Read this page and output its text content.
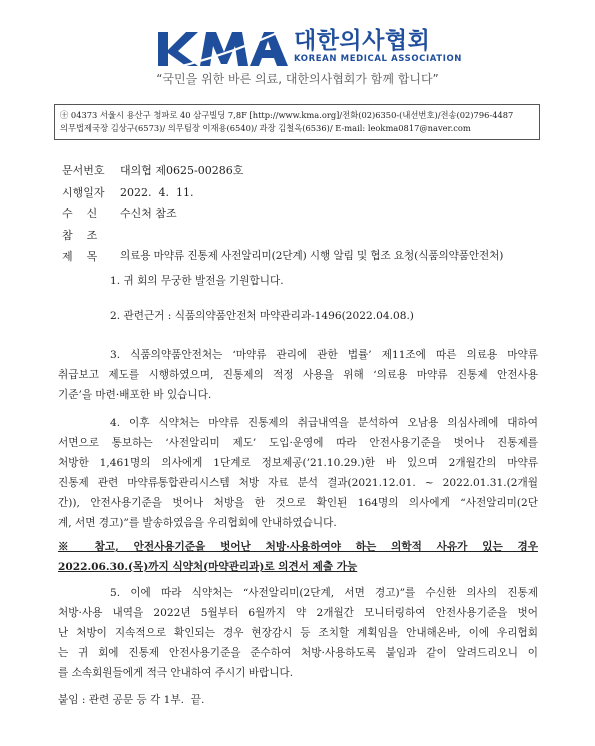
대한의사협회
KOREAN MEDICAL ASSOCIATION
“국민을 위한 바른 의료, 대한의사협회가 함께 합니다”
㊉ 04373 서울시 용산구 청파로 40 삼구빌딩 7,8F [http://www.kma.org]/전화(02)6350-(내선번호)/전송(02)796-4487
의무법제국장 김상구(6573)/ 의무팀장 이재용(6540)/ 과장 김철옥(6536)/ E-mail: leokma0817@naver.com
문서번호	대의협 제0625-00286호
시행일자	2022.  4.  11.
수    신	수신처 참조
참    조
제    목	의료용 마약류 진통제 사전알리미(2단계) 시행 알림 및 협조 요청(식품의약품안전처)
1. 귀 회의 무궁한 발전을 기원합니다.
2. 관련근거 : 식품의약품안전처 마약관리과-1496(2022.04.08.)
3. 식품의약품안전처는 ‘마약류 관리에 관한 법률’ 제11조에 따른 의료용 마약류
취급보고 제도를 시행하였으며, 진통제의 적정 사용을 위해 ‘의료용 마약류 진통제 안전사용
기준’을 마련·배포한 바 있습니다.
4. 이후 식약처는 마약류 진통제의 취급내역을 분석하여 오남용 의심사례에 대하여
서면으로 통보하는 ‘사전알리미 제도’ 도입·운영에 따라 안전사용기준을 벗어나 진통제를
처방한 1,461명의 의사에게 1단계로 정보제공(’21.10.29.)한 바 있으며 2개월간의 마약류
진통제 관련 마약류통합관리시스템 처방 자료 분석 결과(2021.12.01. ~ 2022.01.31.(2개월
간)), 안전사용기준을 벗어나 처방을 한 것으로 확인된 164명의 의사에게 “사전알리미(2단
계, 서면 경고)”를 발송하였음을 우리협회에 안내하였습니다.
※ 참고, 안전사용기준을 벗어난 처방·사용하여야 하는 의학적 사유가 있는 경우
2022.06.30.(목)까지 식약처(마약관리과)로 의견서 제출 가능
5. 이에 따라 식약처는 “사전알리미(2단계, 서면 경고)”를 수신한 의사의 진통제
처방·사용 내역을 2022년 5월부터 6월까지 약 2개월간 모니터링하여 안전사용기준을 벗어
난 처방이 지속적으로 확인되는 경우 현장감시 등 조치할 계획임을 안내해온바, 이에 우리협회
는 귀 회에 진통제 안전사용기준을 준수하여 처방·사용하도록 붙임과 같이 알려드리오니 이
를 소속회원들에게 적극 안내하여 주시기 바랍니다.
붙임 : 관련 공문 등 각 1부.  끝.
